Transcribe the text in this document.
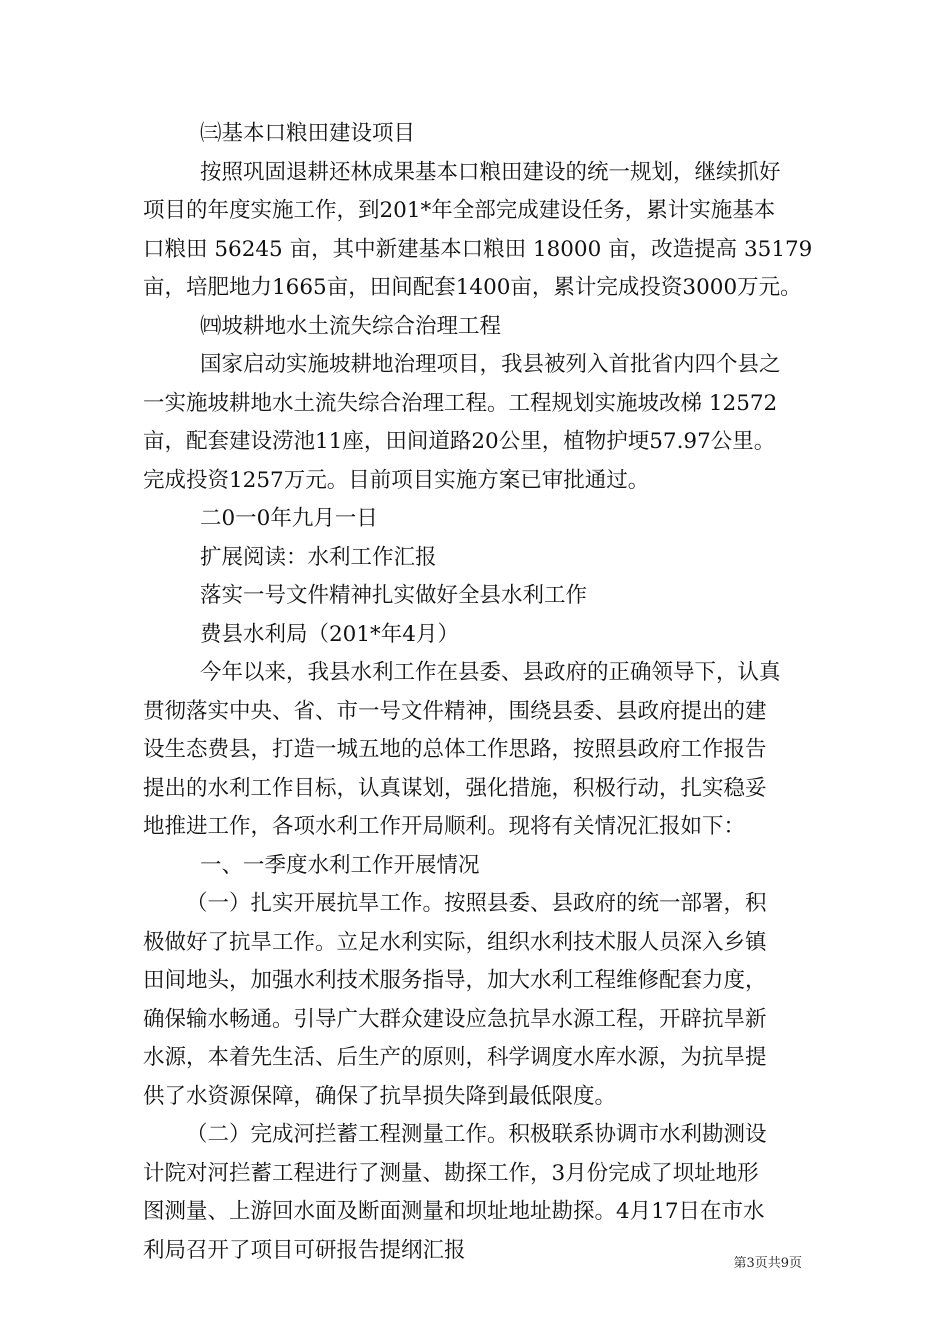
㈢基本口粮田建设项目
按照巩固退耕还林成果基本口粮田建设的统一规划，继续抓好
项目的年度实施工作，到201*年全部完成建设任务，累计实施基本
口粮田 56245 亩，其中新建基本口粮田 18000 亩，改造提高 35179
亩，培肥地力1665亩，田间配套1400亩，累计完成投资3000万元。
㈣坡耕地水土流失综合治理工程
国家启动实施坡耕地治理项目，我县被列入首批省内四个县之
一实施坡耕地水土流失综合治理工程。工程规划实施坡改梯 12572
亩，配套建设涝池11座，田间道路20公里，植物护埂57.97公里。
完成投资1257万元。目前项目实施方案已审批通过。
二0一0年九月一日
扩展阅读：水利工作汇报
落实一号文件精神扎实做好全县水利工作
费县水利局（201*年4月）
今年以来，我县水利工作在县委、县政府的正确领导下，认真
贯彻落实中央、省、市一号文件精神，围绕县委、县政府提出的建
设生态费县，打造一城五地的总体工作思路，按照县政府工作报告
提出的水利工作目标，认真谋划，强化措施，积极行动，扎实稳妥
地推进工作，各项水利工作开局顺利。现将有关情况汇报如下：
一、一季度水利工作开展情况
（一）扎实开展抗旱工作。按照县委、县政府的统一部署，积
极做好了抗旱工作。立足水利实际，组织水利技术服人员深入乡镇
田间地头，加强水利技术服务指导，加大水利工程维修配套力度，
确保输水畅通。引导广大群众建设应急抗旱水源工程，开辟抗旱新
水源，本着先生活、后生产的原则，科学调度水库水源，为抗旱提
供了水资源保障，确保了抗旱损失降到最低限度。
（二）完成河拦蓄工程测量工作。积极联系协调市水利勘测设
计院对河拦蓄工程进行了测量、勘探工作，3月份完成了坝址地形
图测量、上游回水面及断面测量和坝址地址勘探。4月17日在市水
利局召开了项目可研报告提纲汇报
第3页共9页
